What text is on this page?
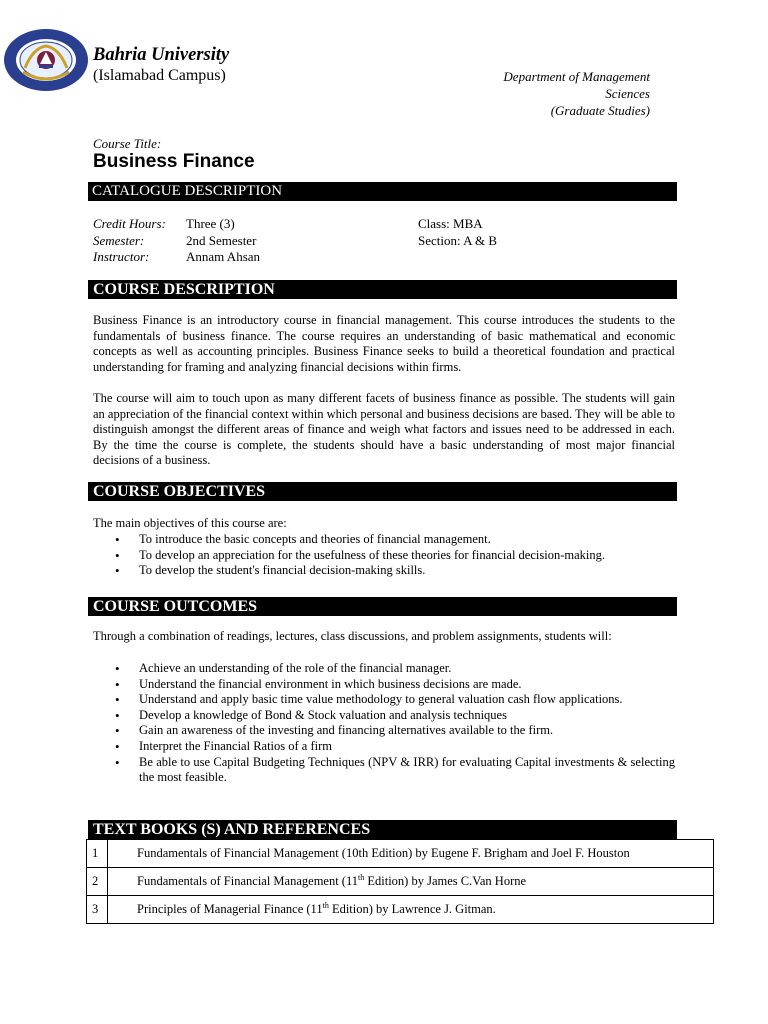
Bahria University
(Islamabad Campus)	Department of Management
Sciences
(Graduate Studies)
Course Title:
Business Finance
CATALOGUE DESCRIPTION
Credit Hours: Three (3)	Class: MBA
Semester:	2nd Semester	Section: A & B
Instructor:	Annam Ahsan
COURSE DESCRIPTION
Business Finance is an introductory course in financial management. This course introduces the students to the fundamentals of business finance. The course requires an understanding of basic mathematical and economic concepts as well as accounting principles. Business Finance seeks to build a theoretical foundation and practical understanding for framing and analyzing financial decisions within firms.
The course will aim to touch upon as many different facets of business finance as possible. The students will gain an appreciation of the financial context within which personal and business decisions are based. They will be able to distinguish amongst the different areas of finance and weigh what factors and issues need to be addressed in each. By the time the course is complete, the students should have a basic understanding of most major financial decisions of a business.
COURSE OBJECTIVES
The main objectives of this course are:
• To introduce the basic concepts and theories of financial management.
• To develop an appreciation for the usefulness of these theories for financial decision-making.
• To develop the student's financial decision-making skills.
COURSE OUTCOMES
Through a combination of readings, lectures, class discussions, and problem assignments, students will:
• Achieve an understanding of the role of the financial manager.
• Understand the financial environment in which business decisions are made.
• Understand and apply basic time value methodology to general valuation cash flow applications.
• Develop a knowledge of Bond & Stock valuation and analysis techniques
• Gain an awareness of the investing and financing alternatives available to the firm.
• Interpret the Financial Ratios of a firm
• Be able to use Capital Budgeting Techniques (NPV & IRR) for evaluating Capital investments & selecting the most feasible.
TEXT BOOKS (S) AND REFERENCES
1	Fundamentals of Financial Management (10th Edition) by Eugene F. Brigham and Joel F. Houston
2	Fundamentals of Financial Management (11th Edition) by James C.Van Horne
3	Principles of Managerial Finance (11th Edition) by Lawrence J. Gitman.
